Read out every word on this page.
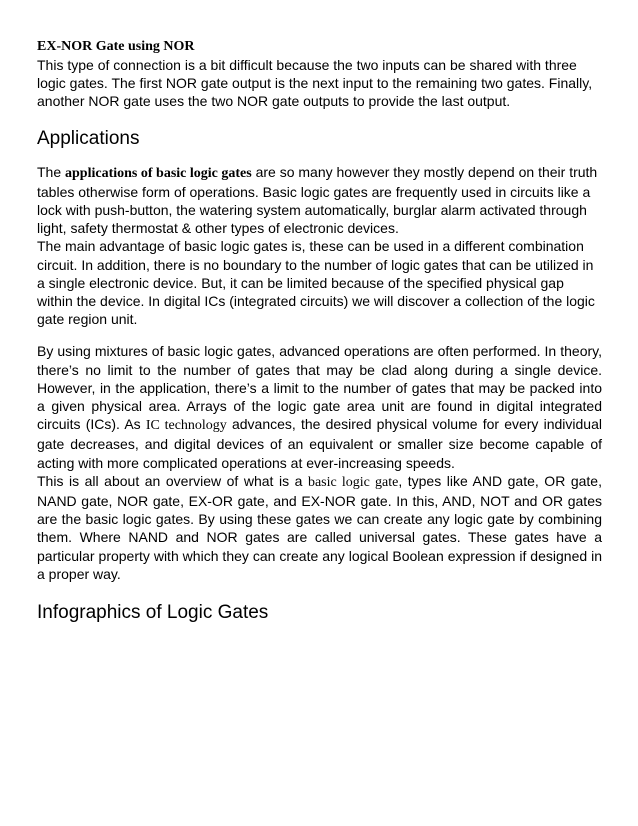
EX-NOR Gate using NOR

This type of connection is a bit difficult because the two inputs can be shared with three logic gates. The first NOR gate output is the next input to the remaining two gates. Finally, another NOR gate uses the two NOR gate outputs to provide the last output.

Applications

The applications of basic logic gates are so many however they mostly depend on their truth tables otherwise form of operations. Basic logic gates are frequently used in circuits like a lock with push-button, the watering system automatically, burglar alarm activated through light, safety thermostat & other types of electronic devices.

The main advantage of basic logic gates is, these can be used in a different combination circuit. In addition, there is no boundary to the number of logic gates that can be utilized in a single electronic device. But, it can be limited because of the specified physical gap within the device. In digital ICs (integrated circuits) we will discover a collection of the logic gate region unit.

By using mixtures of basic logic gates, advanced operations are often performed. In theory, there’s no limit to the number of gates that may be clad along during a single device. However, in the application, there’s a limit to the number of gates that may be packed into a given physical area. Arrays of the logic gate area unit are found in digital integrated circuits (ICs). As IC technology advances, the desired physical volume for every individual gate decreases, and digital devices of an equivalent or smaller size become capable of acting with more complicated operations at ever-increasing speeds.

This is all about an overview of what is a basic logic gate, types like AND gate, OR gate, NAND gate, NOR gate, EX-OR gate, and EX-NOR gate. In this, AND, NOT and OR gates are the basic logic gates. By using these gates we can create any logic gate by combining them. Where NAND and NOR gates are called universal gates. These gates have a particular property with which they can create any logical Boolean expression if designed in a proper way.

Infographics of Logic Gates
